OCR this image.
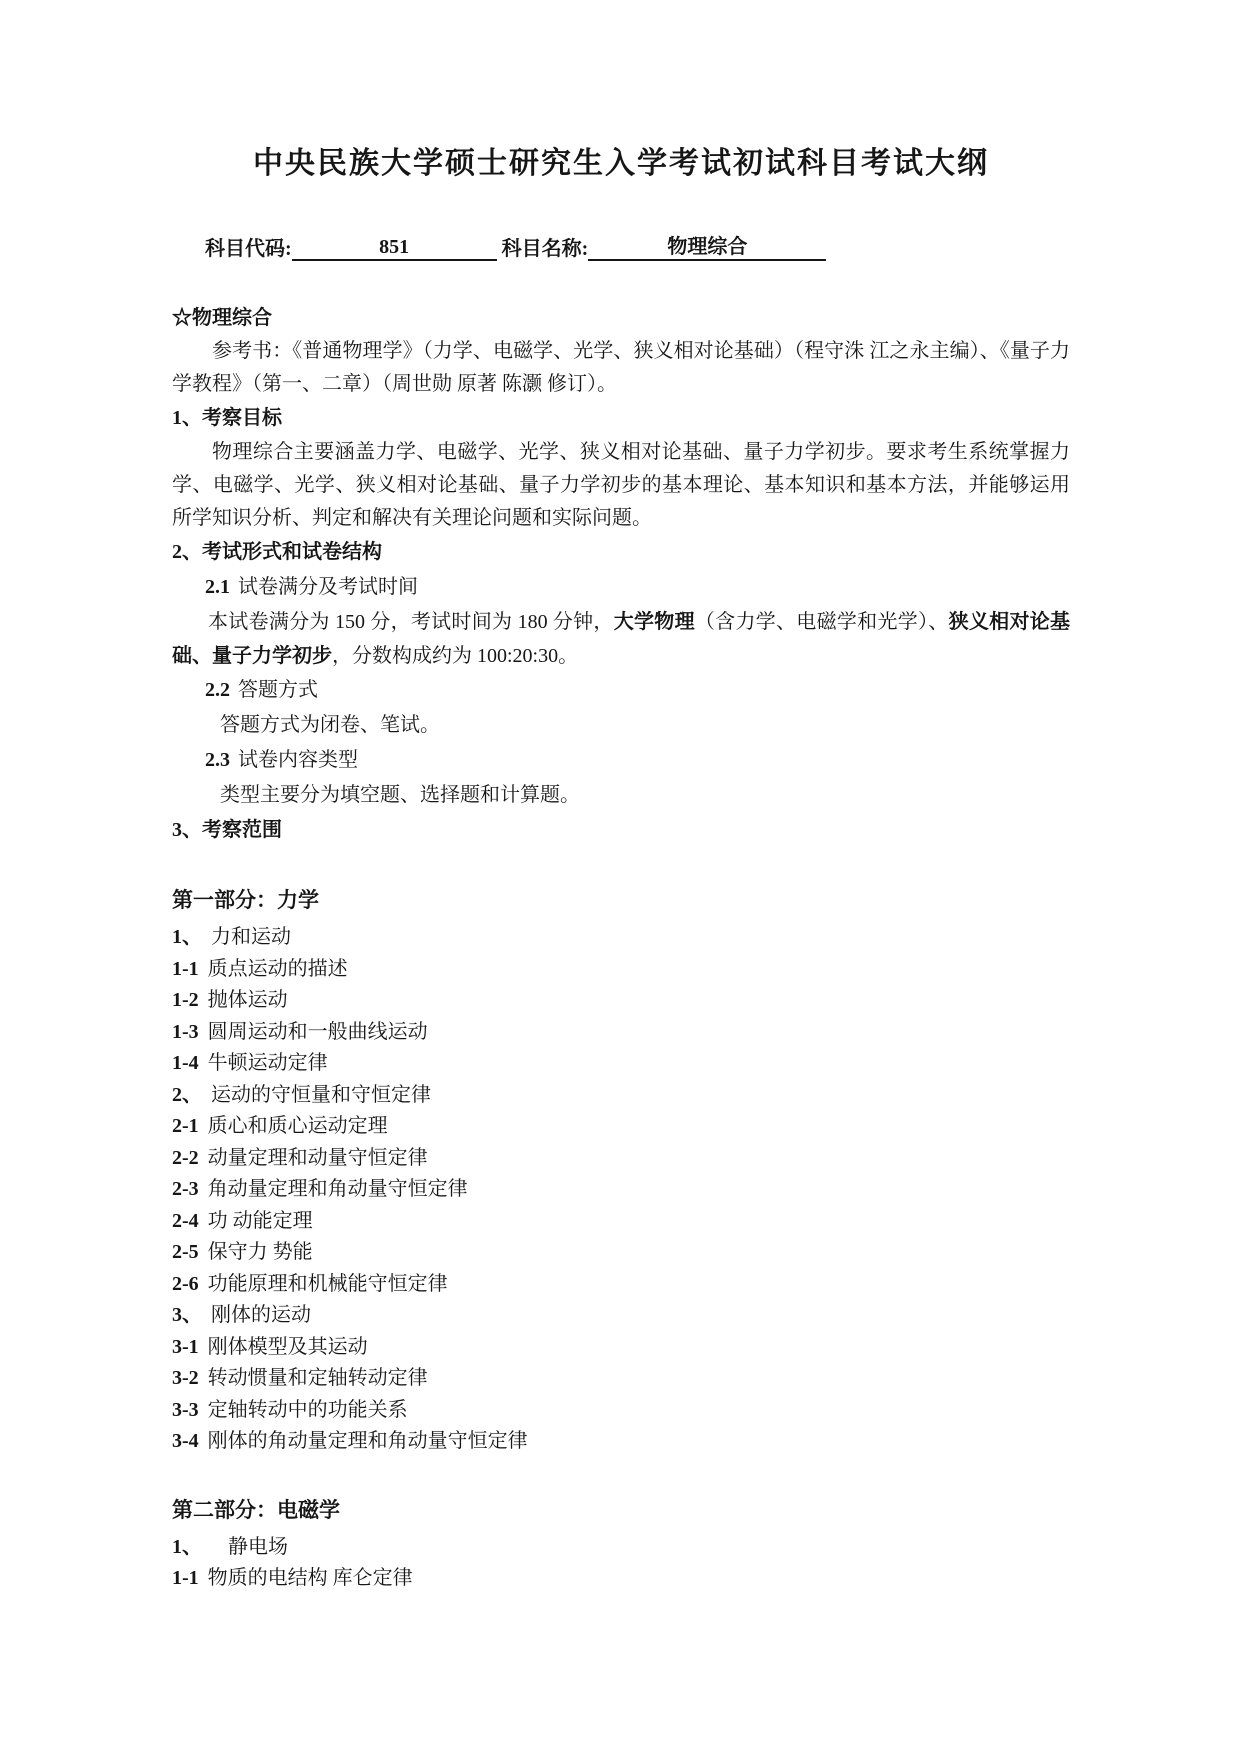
中央民族大学硕士研究生入学考试初试科目考试大纲
科目代码:	851	科目名称:	物理综合

☆物理综合

参考书：《普通物理学》（力学、电磁学、光学、狭义相对论基础）（程守洙 江之永主编）、《量子力学教程》（第一、二章）（周世勋 原著 陈灏 修订）。

1、考察目标

物理综合主要涵盖力学、电磁学、光学、狭义相对论基础、量子力学初步。要求考生系统掌握力学、电磁学、光学、狭义相对论基础、量子力学初步的基本理论、基本知识和基本方法，并能够运用所学知识分析、判定和解决有关理论问题和实际问题。

2、考试形式和试卷结构

2.1 试卷满分及考试时间

本试卷满分为 150 分，考试时间为 180 分钟，大学物理（含力学、电磁学和光学）、狭义相对论基础、量子力学初步，分数构成约为 100:20:30。

2.2 答题方式

答题方式为闭卷、笔试。

2.3 试卷内容类型

类型主要分为填空题、选择题和计算题。

3、考察范围

第一部分：力学

1、 力和运动

1-1 质点运动的描述

1-2 抛体运动

1-3 圆周运动和一般曲线运动

1-4 牛顿运动定律

2、 运动的守恒量和守恒定律

2-1 质心和质心运动定理

2-2 动量定理和动量守恒定律

2-3 角动量定理和角动量守恒定律

2-4 功 动能定理

2-5 保守力 势能

2-6 功能原理和机械能守恒定律

3、 刚体的运动

3-1 刚体模型及其运动

3-2 转动惯量和定轴转动定律

3-3 定轴转动中的功能关系

3-4 刚体的角动量定理和角动量守恒定律

第二部分：电磁学

1、 静电场

1-1 物质的电结构 库仑定律
